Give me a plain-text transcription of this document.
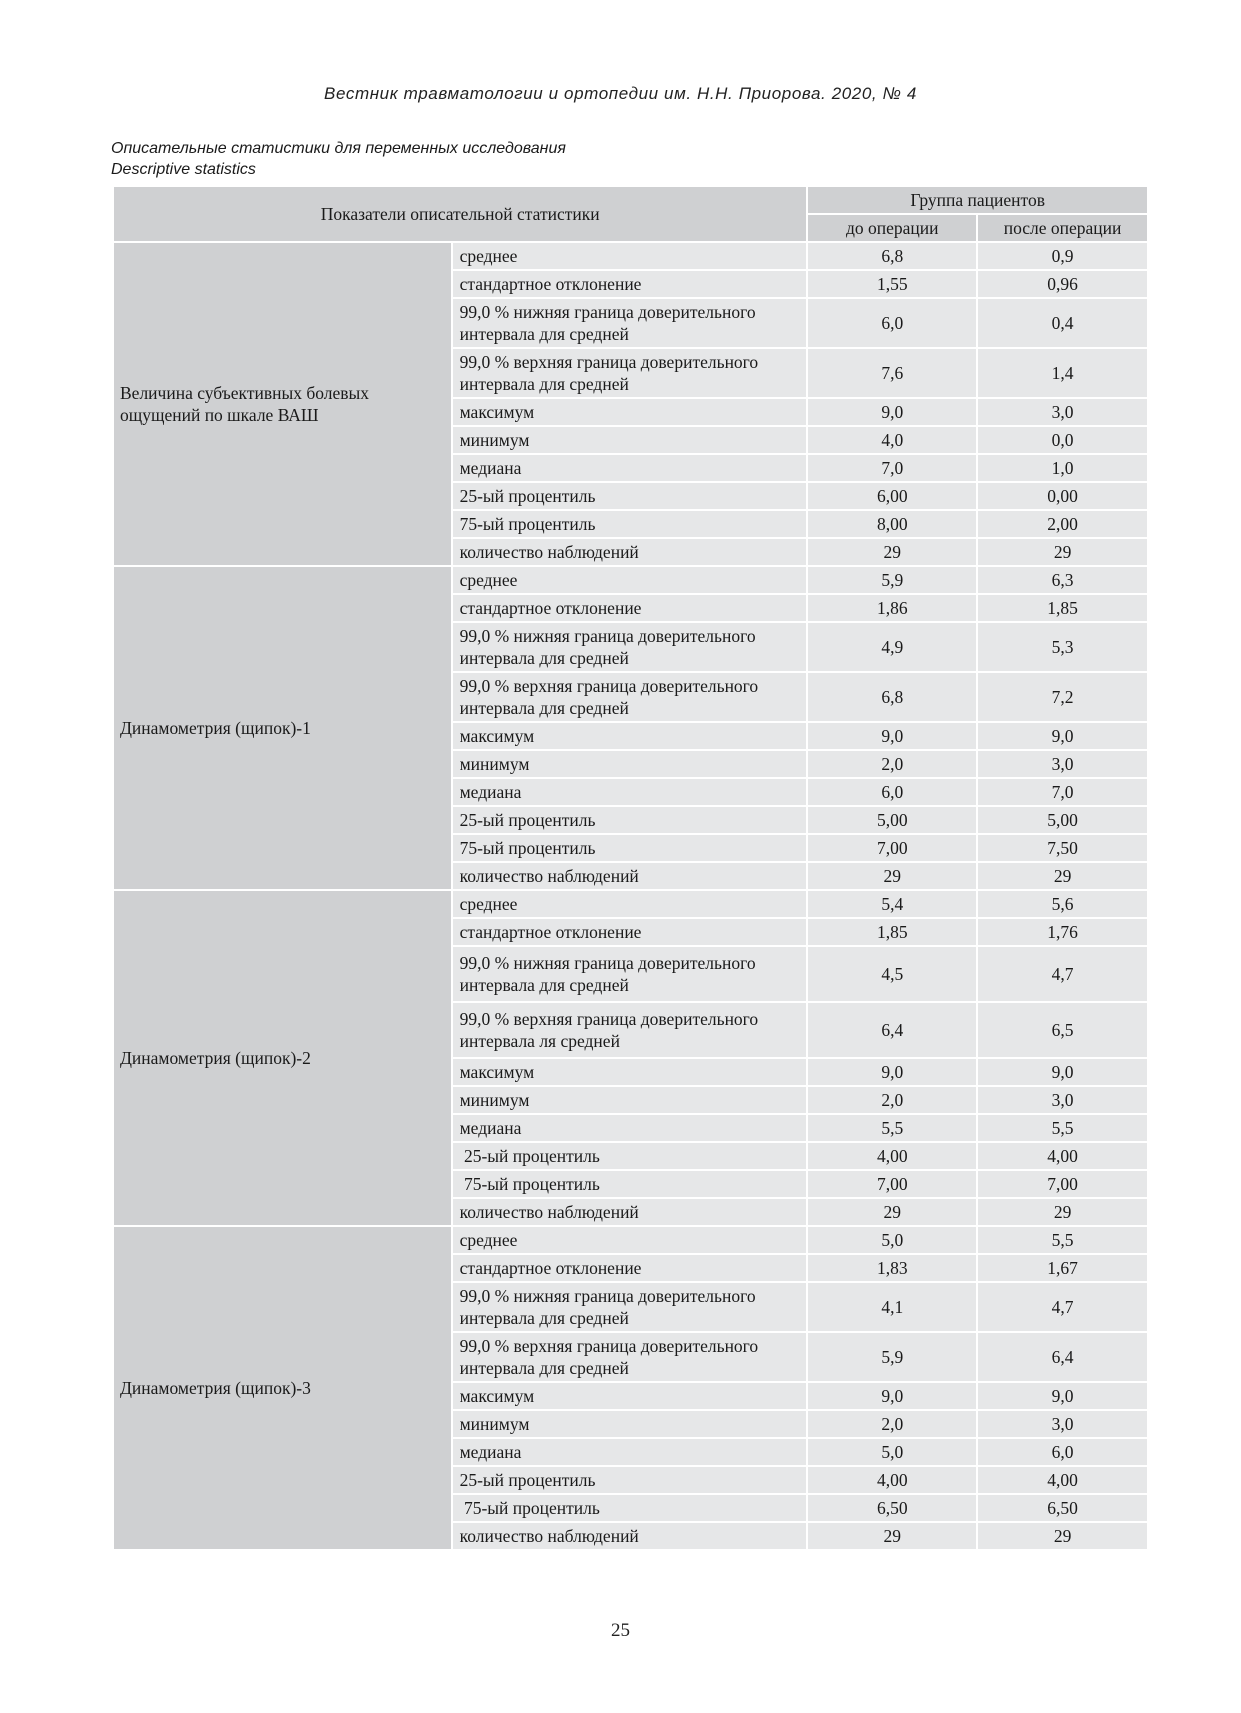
Вестник травматологии и ортопедии им. Н.Н. Приорова. 2020, № 4
Описательные статистики для переменных исследования
Descriptive statistics
Показатели описательной статистики		Группа пациентов	
		до операции	после операции
Величина субъективных болевых ощущений по шкале ВАШ	среднее	6,8	0,9
	стандартное отклонение	1,55	0,96
	99,0 % нижняя граница доверительного интервала для средней	6,0	0,4
	99,0 % верхняя граница доверительного интервала для средней	7,6	1,4
	максимум	9,0	3,0
	минимум	4,0	0,0
	медиана	7,0	1,0
	25-ый процентиль	6,00	0,00
	75-ый процентиль	8,00	2,00
	количество наблюдений	29	29
Динамометрия (щипок)-1	среднее	5,9	6,3
	стандартное отклонение	1,86	1,85
	99,0 % нижняя граница доверительного интервала для средней	4,9	5,3
	99,0 % верхняя граница доверительного интервала для средней	6,8	7,2
	максимум	9,0	9,0
	минимум	2,0	3,0
	медиана	6,0	7,0
	25-ый процентиль	5,00	5,00
	75-ый процентиль	7,00	7,50
	количество наблюдений	29	29
Динамометрия (щипок)-2	среднее	5,4	5,6
	стандартное отклонение	1,85	1,76
	99,0 % нижняя граница доверительного интервала для средней	4,5	4,7
	99,0 % верхняя граница доверительного интервала ля средней	6,4	6,5
	максимум	9,0	9,0
	минимум	2,0	3,0
	медиана	5,5	5,5
	25-ый процентиль	4,00	4,00
	75-ый процентиль	7,00	7,00
	количество наблюдений	29	29
Динамометрия (щипок)-3	среднее	5,0	5,5
	стандартное отклонение	1,83	1,67
	99,0 % нижняя граница доверительного интервала для средней	4,1	4,7
	99,0 % верхняя граница доверительного интервала для средней	5,9	6,4
	максимум	9,0	9,0
	минимум	2,0	3,0
	медиана	5,0	6,0
	25-ый процентиль	4,00	4,00
	75-ый процентиль	6,50	6,50
	количество наблюдений	29	29
25
